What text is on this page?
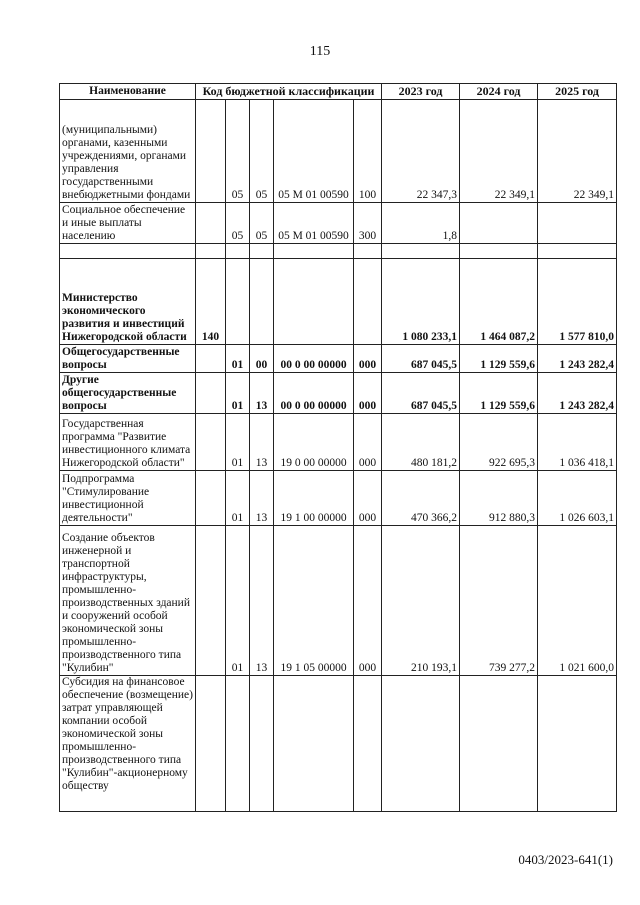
115
Наименование	Код бюджетной классификации					2023 год	2024 год	2025 год
(муниципальными) органами, казенными учреждениями, органами управления государственными внебюджетными фондами		05	05	05 М 01 00590	100	22 347,3	22 349,1	22 349,1
Социальное обеспечение и иные выплаты населению		05	05	05 М 01 00590	300	1,8		

Министерство экономического развития и инвестиций Нижегородской области	140					1 080 233,1	1 464 087,2	1 577 810,0
Общегосударственные вопросы		01	00	00 0 00 00000	000	687 045,5	1 129 559,6	1 243 282,4
Другие общегосударственные вопросы		01	13	00 0 00 00000	000	687 045,5	1 129 559,6	1 243 282,4
Государственная программа "Развитие инвестиционного климата Нижегородской области"		01	13	19 0 00 00000	000	480 181,2	922 695,3	1 036 418,1
Подпрограмма "Стимулирование инвестиционной деятельности"		01	13	19 1 00 00000	000	470 366,2	912 880,3	1 026 603,1
Создание объектов инженерной и транспортной инфраструктуры, промышленно-производственных зданий и сооружений особой экономической зоны промышленно-производственного типа "Кулибин"		01	13	19 1 05 00000	000	210 193,1	739 277,2	1 021 600,0
Субсидия на финансовое обеспечение (возмещение) затрат управляющей компании особой экономической зоны промышленно-производственного типа "Кулибин"-акционерному обществу								
0403/2023-641(1)
